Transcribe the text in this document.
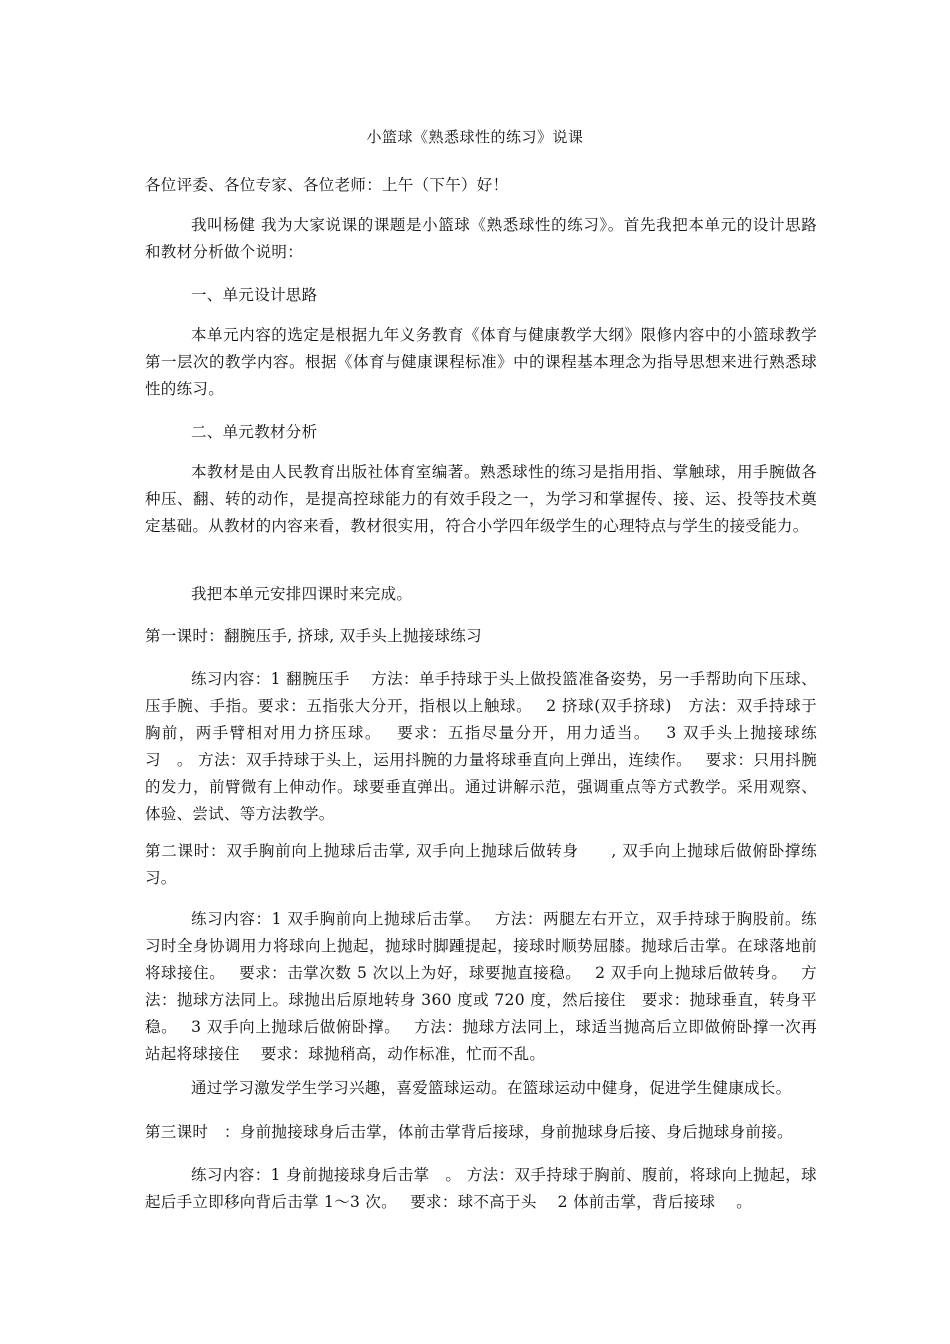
小篮球《熟悉球性的练习》说课
各位评委、各位专家、各位老师：上午（下午）好！
我叫杨健 我为大家说课的课题是小篮球《熟悉球性的练习》。首先我把本单元的设计思路和教材分析做个说明：
一、单元设计思路
本单元内容的选定是根据九年义务教育《体育与健康教学大纲》限修内容中的小篮球教学第一层次的教学内容。根据《体育与健康课程标准》中的课程基本理念为指导思想来进行熟悉球性的练习。
二、单元教材分析
本教材是由人民教育出版社体育室编著。熟悉球性的练习是指用指、掌触球，用手腕做各种压、翻、转的动作，是提高控球能力的有效手段之一，为学习和掌握传、接、运、投等技术奠定基础。从教材的内容来看，教材很实用，符合小学四年级学生的心理特点与学生的接受能力。
我把本单元安排四课时来完成。
第一课时：翻腕压手, 挤球, 双手头上抛接球练习
练习内容：1 翻腕压手　 方法：单手持球于头上做投篮准备姿势，另一手帮助向下压球、压手腕、手指。要求：五指张大分开，指根以上触球。　 2 挤球(双手挤球)　方法：双手持球于胸前，两手臂相对用力挤压球。　 要求：五指尽量分开，用力适当。　 3 双手头上抛接球练习　。 方法：双手持球于头上，运用抖腕的力量将球垂直向上弹出，连续作。　 要求：只用抖腕的发力，前臂微有上伸动作。球要垂直弹出。通过讲解示范，强调重点等方式教学。采用观察、体验、尝试、等方法教学。
第二课时：双手胸前向上抛球后击掌, 双手向上抛球后做转身　　, 双手向上抛球后做俯卧撑练习。
练习内容：1 双手胸前向上抛球后击掌。　 方法：两腿左右开立，双手持球于胸股前。练习时全身协调用力将球向上抛起，抛球时脚踵提起，接球时顺势屈膝。抛球后击掌。在球落地前将球接住。　 要求：击掌次数 5 次以上为好，球要抛直接稳。　 2 双手向上抛球后做转身。　 方法：抛球方法同上。球抛出后原地转身 360 度或 720 度，然后接住　要求：抛球垂直，转身平稳。　 3 双手向上抛球后做俯卧撑。　 方法：抛球方法同上，球适当抛高后立即做俯卧撑一次再站起将球接住　 要求：球抛稍高，动作标准，忙而不乱。
通过学习激发学生学习兴趣，喜爱篮球运动。在篮球运动中健身，促进学生健康成长。
第三课时　：身前抛接球身后击掌，体前击掌背后接球，身前抛球身后接、身后抛球身前接。
练习内容：1 身前抛接球身后击掌　。 方法：双手持球于胸前、腹前，将球向上抛起，球起后手立即移向背后击掌 1～3 次。　 要求：球不高于头　 2 体前击掌，背后接球　 。
